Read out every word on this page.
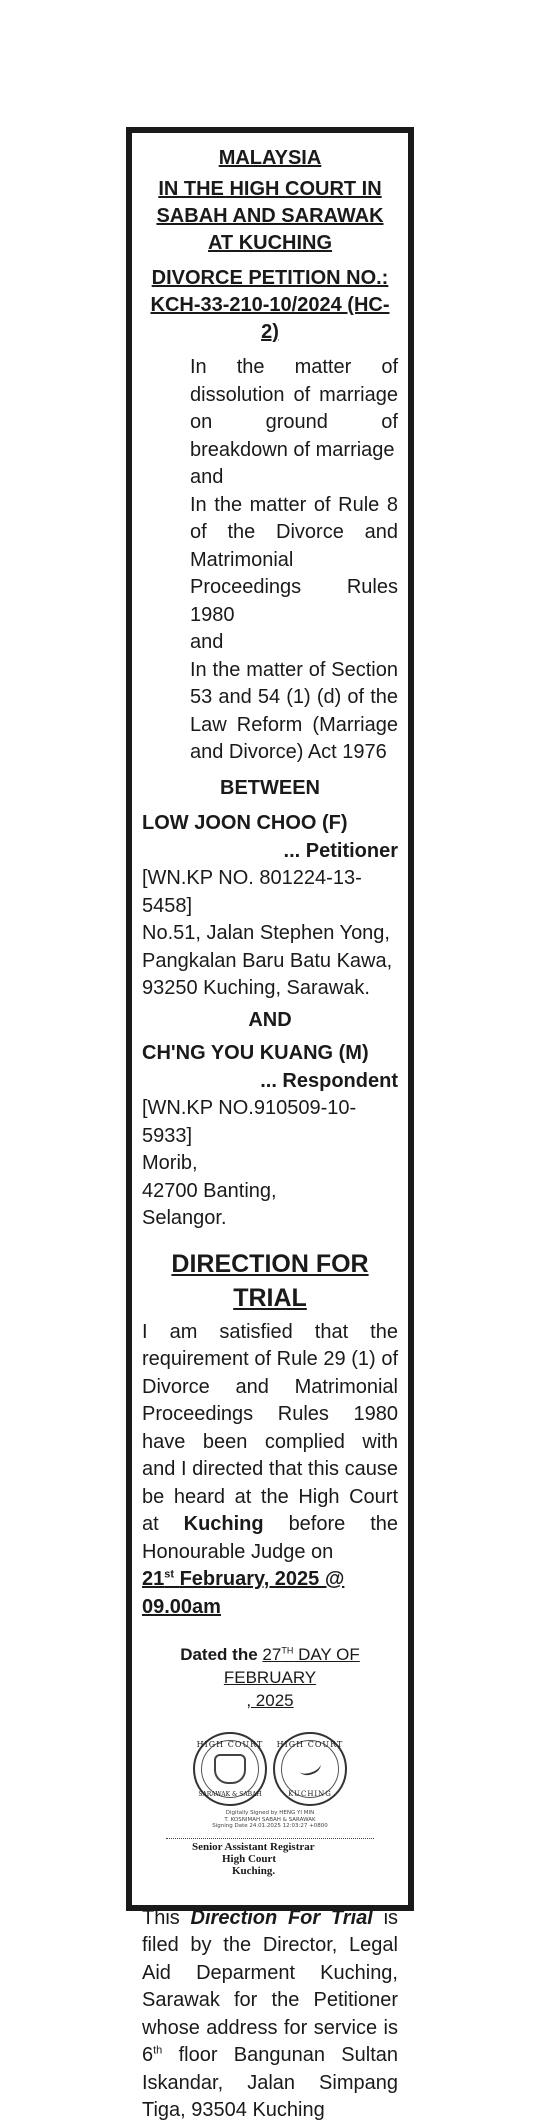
MALAYSIA
IN THE HIGH COURT IN
SABAH AND SARAWAK
AT KUCHING
DIVORCE PETITION NO.:
KCH-33-210-10/2024 (HC-2)
In the matter of dissolution of marriage on ground of breakdown of marriage
and
In the matter of Rule 8 of the Divorce and Matrimonial Proceedings Rules 1980
and
In the matter of Section 53 and 54 (1) (d) of the Law Reform (Marriage and Divorce) Act 1976
BETWEEN
LOW JOON CHOO (F)
... Petitioner
[WN.KP NO. 801224-13-5458]
No.51, Jalan Stephen Yong,
Pangkalan Baru Batu Kawa,
93250 Kuching, Sarawak.
AND
CH'NG YOU KUANG (M)
... Respondent
[WN.KP NO.910509-10-5933]
Morib,
42700 Banting,
Selangor.
DIRECTION FOR TRIAL
I am satisfied that the requirement of Rule 29 (1) of Divorce and Matrimonial Proceedings Rules 1980 have been complied with and I directed that this cause be heard at the High Court at Kuching before the Honourable Judge on
21st February, 2025 @ 09.00am
Dated the 27TH DAY OF FEBRUARY
, 2025
HIGH COURT
SARAWAK & SABAH
HIGH COURT
KUCHING
Digitally Signed by HENG YI MIN
T. KOSNIMAH SABAH & SARAWAK
Signing Date 24.01.2025 12:03:27 +0800
Senior Assistant Registrar
High Court
Kuching.
This Direction For Trial is filed by the Director, Legal Aid Deparment Kuching, Sarawak for the Petitioner whose address for service is 6th floor Bangunan Sultan Iskandar, Jalan Simpang Tiga, 93504 Kuching
